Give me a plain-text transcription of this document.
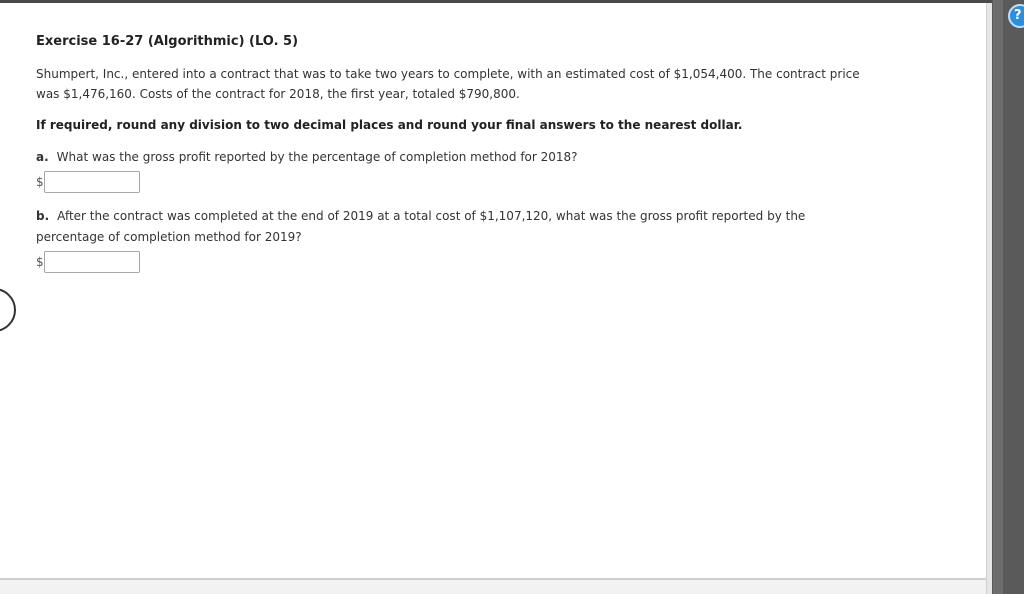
?
Exercise 16-27 (Algorithmic) (LO. 5)
Shumpert, Inc., entered into a contract that was to take two years to complete, with an estimated cost of $1,054,400. The contract price was $1,476,160. Costs of the contract for 2018, the first year, totaled $790,800.
If required, round any division to two decimal places and round your final answers to the nearest dollar.
a. What was the gross profit reported by the percentage of completion method for 2018?
$
b. After the contract was completed at the end of 2019 at a total cost of $1,107,120, what was the gross profit reported by the percentage of completion method for 2019?
$
